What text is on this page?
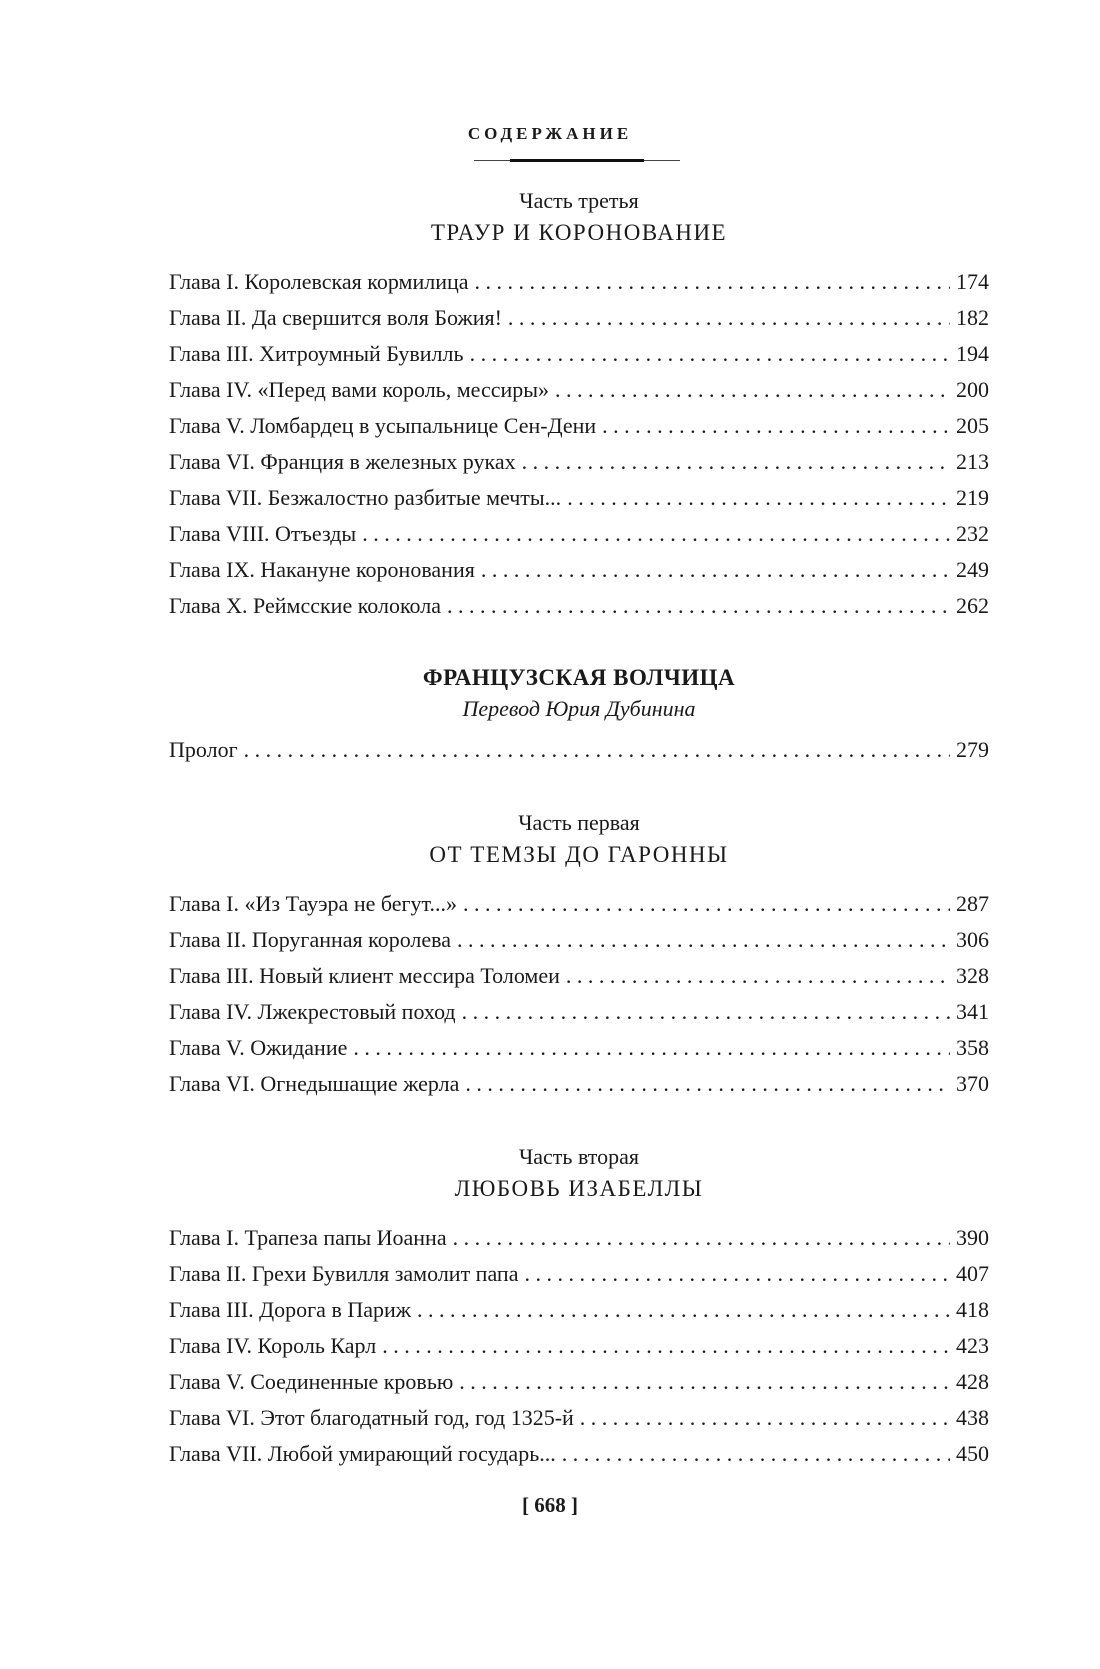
СОДЕРЖАНИЕ
Часть третья
ТРАУР И КОРОНОВАНИЕ
Глава I. Королевская кормилица . . .	174
Глава II. Да свершится воля Божия! . . .	182
Глава III. Хитроумный Бувилль . . .	194
Глава IV. «Перед вами король, мессиры» . . .	200
Глава V. Ломбардец в усыпальнице Сен-Дени . . .	205
Глава VI. Франция в железных руках . . .	213
Глава VII. Безжалостно разбитые мечты... . . .	219
Глава VIII. Отъезды . . .	232
Глава IX. Накануне коронования . . .	249
Глава X. Реймсские колокола . . .	262
ФРАНЦУЗСКАЯ ВОЛЧИЦА
Перевод Юрия Дубинина
Пролог . . .	279
Часть первая
ОТ ТЕМЗЫ ДО ГАРОННЫ
Глава I. «Из Тауэра не бегут...» . . .	287
Глава II. Поруганная королева . . .	306
Глава III. Новый клиент мессира Толомеи . . .	328
Глава IV. Лжекрестовый поход . . .	341
Глава V. Ожидание . . .	358
Глава VI. Огнедышащие жерла . . .	370
Часть вторая
ЛЮБОВЬ ИЗАБЕЛЛЫ
Глава I. Трапеза папы Иоанна . . .	390
Глава II. Грехи Бувилля замолит папа . . .	407
Глава III. Дорога в Париж . . .	418
Глава IV. Король Карл . . .	423
Глава V. Соединенные кровью . . .	428
Глава VI. Этот благодатный год, год 1325-й . . .	438
Глава VII. Любой умирающий государь... . . .	450
[ 668 ]
